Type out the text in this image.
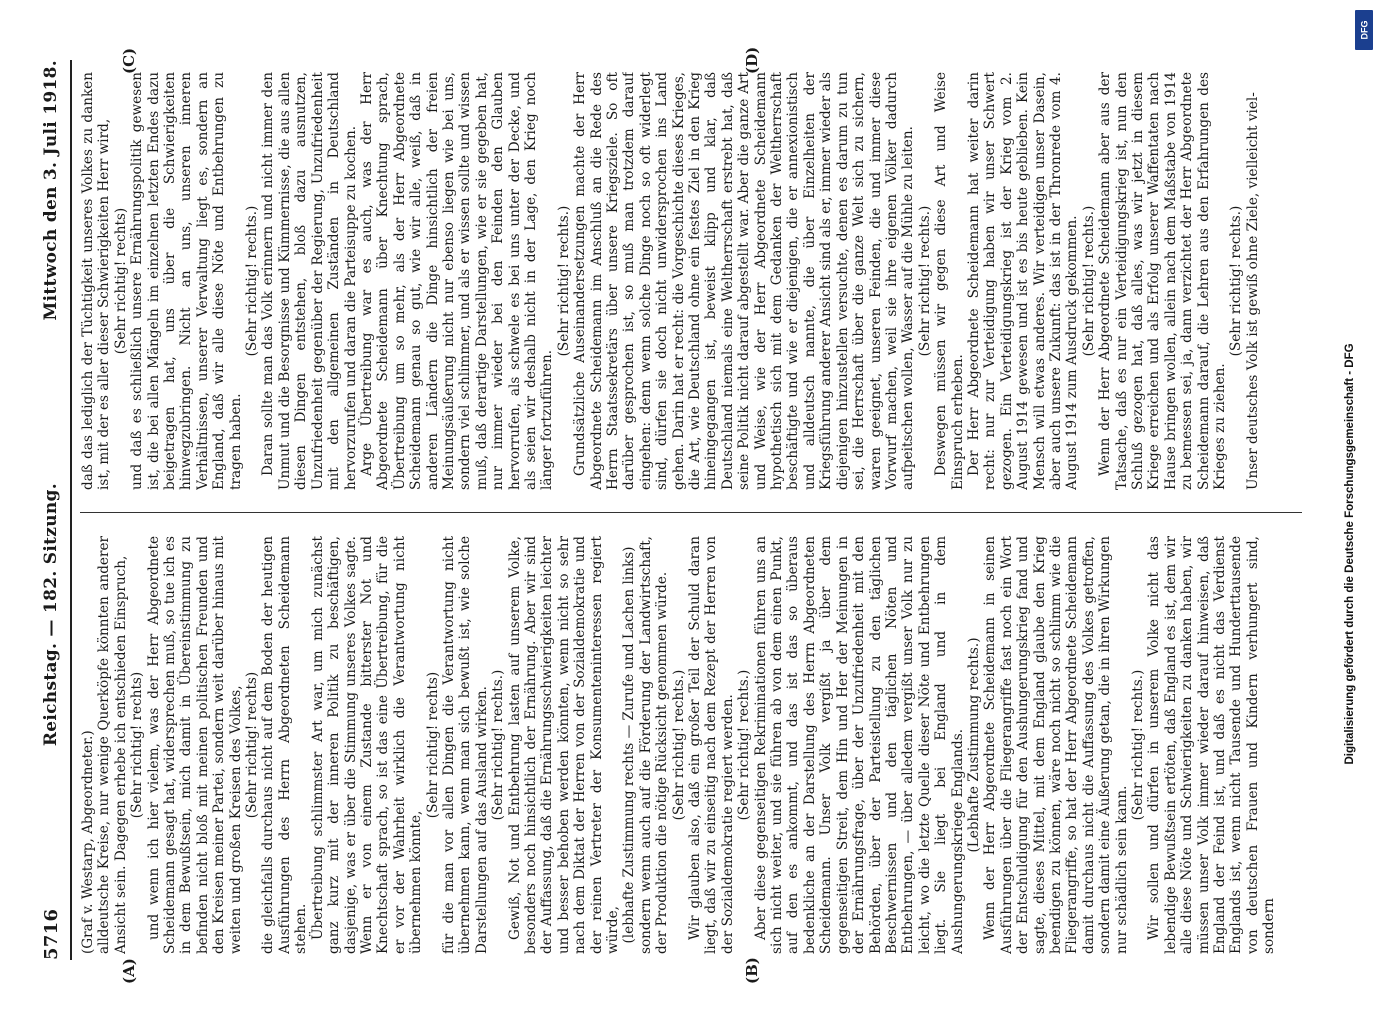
5716
Reichstag. — 182. Sitzung.
Mittwoch den 3. Juli 1918.

(Graf v. Westarp, Abgeordneter.) alldeutsche Kreise, nur wenige Querköpfe könnten anderer Ansicht sein. Dagegen erhebe ich entschieden Einspruch, (Sehr richtig! rechts) und wenn ich hier vielem, was der Herr Abgeordnete Scheidemann gesagt hat, widersprechen muß, so tue ich es in dem Bewußtsein, mich damit in Übereinstimmung zu befinden nicht bloß mit meinen politischen Freunden und den Kreisen meiner Partei, sondern weit darüber hinaus mit weiten und großen Kreisen des Volkes, (Sehr richtig! rechts) die gleichfalls durchaus nicht auf dem Boden der heutigen Ausführungen des Herrn Abgeordneten Scheidemann stehen. Übertreibung schlimmster Art war, um mich zunächst ganz kurz mit der inneren Politik zu beschäftigen, dasjenige, was er über die Stimmung unseres Volkes sagte. Wenn er von einem Zustande bitterster Not und Knechtschaft sprach, so ist das eine Übertreibung, für die er vor der Wahrheit wirklich die Verantwortung nicht übernehmen könnte,

(Sehr richtig! rechts) für die man vor allen Dingen die Verantwortung nicht übernehmen kann, wenn man sich bewußt ist, wie solche Darstellungen auf das Ausland wirken. (Sehr richtig! rechts.) Gewiß, Not und Entbehrung lasten auf unserem Volke, besonders noch hinsichtlich der Ernährung. Aber wir sind der Auffassung, daß die Ernährungsschwierigkeiten leichter und besser behoben werden könnten, wenn nicht so sehr nach dem Diktat der Herren von der Sozialdemokratie und der reinen Vertreter der Konsumenteninteressen regiert würde, (lebhafte Zustimmung rechts — Zurufe und Lachen links) sondern wenn auch auf die Förderung der Landwirtschaft, der Produktion die nötige Rücksicht genommen würde. (Sehr richtig! rechts.) Wir glauben also, daß ein großer Teil der Schuld daran liegt, daß wir zu einseitig nach dem Rezept der Herren von der Sozialdemokratie regiert werden. (Sehr richtig! rechts.) Aber diese gegenseitigen Rekriminationen führen uns an sich nicht weiter, und sie führen ab von dem einen Punkt, auf den es ankommt, und das ist das so überaus bedenkliche an der Darstellung des Herrn Abgeordneten Scheidemann. Unser Volk vergißt ja über dem gegenseitigen Streit, dem Hin und Her der Meinungen in der Ernährungsfrage, über der Unzufriedenheit mit den Behörden, über der Parteistellung zu den täglichen Beschwernissen und den täglichen Nöten und Entbehrungen, — über alledem vergißt unser Volk nur zu leicht, wo die letzte Quelle dieser Nöte und Entbehrungen liegt. Sie liegt bei England und in dem Aushungerungskriege Englands. (Lebhafte Zustimmung rechts.) Wenn der Herr Abgeordnete Scheidemann in seinen Ausführungen über die Fliegerangriffe fast noch ein Wort der Entschuldigung für den Aushungerungskrieg fand und sagte, dieses Mittel, mit dem England glaube den Krieg beendigen zu können, wäre noch nicht so schlimm wie die Fliegerangriffe, so hat der Herr Abgeordnete Scheidemann damit durchaus nicht die Auffassung des Volkes getroffen, sondern damit eine Äußerung getan, die in ihren Wirkungen nur schädlich sein kann.

(Sehr richtig! rechts.) Wir sollen und dürfen in unserem Volke nicht das lebendige Bewußtsein ertöten, daß England es ist, dem wir alle diese Nöte und Schwierigkeiten zu danken haben, wir müssen unser Volk immer wieder darauf hinweisen, daß England der Feind ist, und daß es nicht das Verdienst Englands ist, wenn nicht Tausende und Hunderttausende von deutschen Frauen und Kindern verhungert sind, sondern

daß das lediglich der Tüchtigkeit unseres Volkes zu danken ist, mit der es aller dieser Schwierigkeiten Herr wird, (Sehr richtig! rechts) und daß es schließlich unsere Ernährungspolitik gewesen ist, die bei allen Mängeln im einzelnen letzten Endes dazu beigetragen hat, uns über die Schwierigkeiten hinwegzubringen. Nicht an uns, unseren inneren Verhältnissen, unserer Verwaltung liegt es, sondern an England, daß wir alle diese Nöte und Entbehrungen zu tragen haben.

(Sehr richtig! rechts.) Daran sollte man das Volk erinnern und nicht immer den Unmut und die Besorgnisse und Kümmernisse, die aus allen diesen Dingen entstehen, bloß dazu ausnutzen, Unzufriedenheit gegenüber der Regierung, Unzufriedenheit mit den allgemeinen Zuständen in Deutschland hervorzurufen und daran die Parteisuppe zu kochen. Arge Übertreibung war es auch, was der Herr Abgeordnete Scheidemann über Knechtung sprach, Übertreibung um so mehr, als der Herr Abgeordnete Scheidemann genau so gut, wie wir alle, weiß, daß in anderen Ländern die Dinge hinsichtlich der freien Meinungsäußerung nicht nur ebenso liegen wie bei uns, sondern viel schlimmer, und als er wissen sollte und wissen muß, daß derartige Darstellungen, wie er sie gegeben hat, nur immer wieder bei den Feinden den Glauben hervorrufen, als schwele es bei uns unter der Decke, und als seien wir deshalb nicht in der Lage, den Krieg noch länger fortzuführen.

(Sehr richtig! rechts.) Grundsätzliche Auseinandersetzungen machte der Herr Abgeordnete Scheidemann im Anschluß an die Rede des Herrn Staatssekretärs über unsere Kriegsziele. So oft darüber gesprochen ist, so muß man trotzdem darauf eingehen: denn wenn solche Dinge noch so oft widerlegt sind, dürfen sie doch nicht unwidersprochen ins Land gehen. Darin hat er recht: die Vorgeschichte dieses Krieges, die Art, wie Deutschland ohne ein festes Ziel in den Krieg hineingegangen ist, beweist klipp und klar, daß Deutschland niemals eine Weltherrschaft erstrebt hat, daß seine Politik nicht darauf abgestellt war. Aber die ganze Art und Weise, wie der Herr Abgeordnete Scheidemann hypothetisch sich mit dem Gedanken der Weltherrschaft beschäftigte und wie er diejenigen, die er annexionistisch und alldeutsch nannte, die über Einzelheiten der Kriegsführung anderer Ansicht sind als er, immer wieder als diejenigen hinzustellen versuchte, denen es darum zu tun sei, die Herrschaft über die ganze Welt sich zu sichern, waren geeignet, unseren Feinden, die und immer diese Vorwurf machen, weil sie ihre eigenen Völker dadurch aufpeitschen wollen, Wasser auf die Mühle zu leiten. (Sehr richtig! rechts.) Deswegen müssen wir gegen diese Art und Weise Einspruch erheben. Der Herr Abgeordnete Scheidemann hat weiter darin recht: nur zur Verteidigung haben wir unser Schwert gezogen. Ein Verteidigungskrieg ist der Krieg vom 2. August 1914 gewesen und ist es bis heute geblieben. Kein Mensch will etwas anderes. Wir verteidigen unser Dasein, aber auch unsere Zukunft: das ist in der Thronrede vom 4. August 1914 zum Ausdruck gekommen. (Sehr richtig! rechts.) Wenn der Herr Abgeordnete Scheidemann aber aus der Tatsache, daß es nur ein Verteidigungskrieg ist, nun den Schluß gezogen hat, daß alles, was wir jetzt in diesem Kriege erreichen und als Erfolg unserer Waffentaten nach Hause bringen wollen, allein nach dem Maßstabe von 1914 zu bemessen sei, ja, dann verzichtet der Herr Abgeordnete Scheidemann darauf, die Lehren aus den Erfahrungen des Krieges zu ziehen.

(Sehr richtig! rechts.) Unser deutsches Volk ist gewiß ohne Ziele, vielleicht viel-

(A)	(B)
(C)	(D)
DFG
Digitalisierung gefördert durch die Deutsche Forschungsgemeinschaft - DFG
